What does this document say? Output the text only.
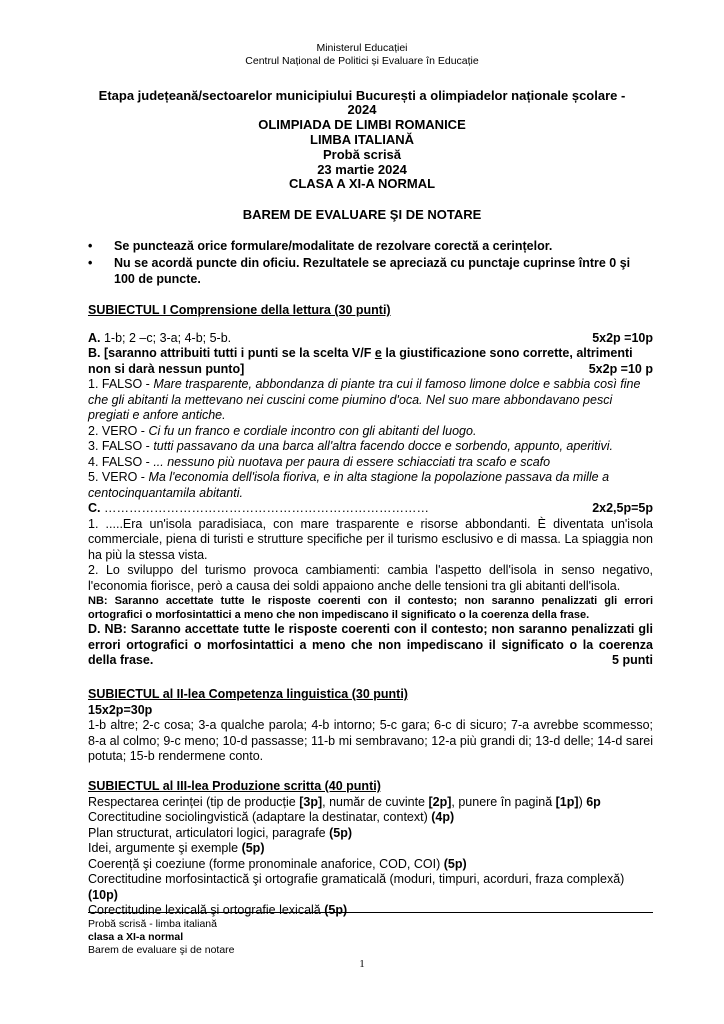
Ministerul Educației
Centrul Național de Politici și Evaluare în Educație
Etapa județeană/sectoarelor municipiului București a olimpiadelor naționale școlare -
2024
OLIMPIADA DE LIMBI ROMANICE
LIMBA ITALIANĂ
Probă scrisă
23 martie 2024
CLASA A XI-A NORMAL
BAREM DE EVALUARE ŞI DE NOTARE
• Se punctează orice formulare/modalitate de rezolvare corectă a cerințelor.
• Nu se acordă puncte din oficiu. Rezultatele se apreciază cu punctaje cuprinse între 0 şi 100 de puncte.
SUBIECTUL I Comprensione della lettura (30 punti)
A. 1-b; 2 –c; 3-a; 4-b; 5-b.	5x2p =10p
B. [saranno attribuiti tutti i punti se la scelta V/F e la giustificazione sono corrette, altrimenti non si darà nessun punto]	5x2p =10 p
1. FALSO - Mare trasparente, abbondanza di piante tra cui il famoso limone dolce e sabbia così fine che gli abitanti la mettevano nei cuscini come piumino d'oca. Nel suo mare abbondavano pesci pregiati e anfore antiche.
2. VERO - Ci fu un franco e cordiale incontro con gli abitanti del luogo.
3. FALSO - tutti passavano da una barca all'altra facendo docce e sorbendo, appunto, aperitivi.
4. FALSO - ... nessuno più nuotava per paura di essere schiacciati tra scafo e scafo
5. VERO - Ma l'economia dell'isola fioriva, e in alta stagione la popolazione passava da mille a centocinquantamila abitanti.
C. ……………………………………………………………………	2x2,5p=5p
1. .....Era un'isola paradisiaca, con mare trasparente e risorse abbondanti. È diventata un'isola commerciale, piena di turisti e strutture specifiche per il turismo esclusivo e di massa. La spiaggia non ha più la stessa vista.
2. Lo sviluppo del turismo provoca cambiamenti: cambia l'aspetto dell'isola in senso negativo, l'economia fiorisce, però a causa dei soldi appaiono anche delle tensioni tra gli abitanti dell'isola.
NB: Saranno accettate tutte le risposte coerenti con il contesto; non saranno penalizzati gli errori ortografici o morfosintattici a meno che non impediscano il significato o la coerenza della frase.
D. NB: Saranno accettate tutte le risposte coerenti con il contesto; non saranno penalizzati gli errori ortografici o morfosintattici a meno che non impediscano il significato o la coerenza della frase.	5 punti
SUBIECTUL al II-lea Competenza linguistica (30 punti)
15x2p=30p
1-b altre; 2-c cosa; 3-a qualche parola; 4-b intorno; 5-c gara; 6-c di sicuro; 7-a avrebbe scommesso; 8-a al colmo; 9-c meno; 10-d passasse; 11-b mi sembravano; 12-a più grandi di; 13-d delle; 14-d sarei potuta; 15-b rendermene conto.
SUBIECTUL al III-lea Produzione scritta (40 punti)
Respectarea cerinței (tip de producție [3p], număr de cuvinte [2p], punere în pagină [1p]) 6p
Corectitudine sociolingvistică (adaptare la destinatar, context) (4p)
Plan structurat, articulatori logici, paragrafe (5p)
Idei, argumente şi exemple (5p)
Coerență şi coeziune (forme pronominale anaforice, COD, COI) (5p)
Corectitudine morfosintactică şi ortografie gramaticală (moduri, timpuri, acorduri, fraza complexă) (10p)
Corectitudine lexicală şi ortografie lexicală (5p)
Probă scrisă - limba italiană
clasa a XI-a normal
Barem de evaluare şi de notare
1
